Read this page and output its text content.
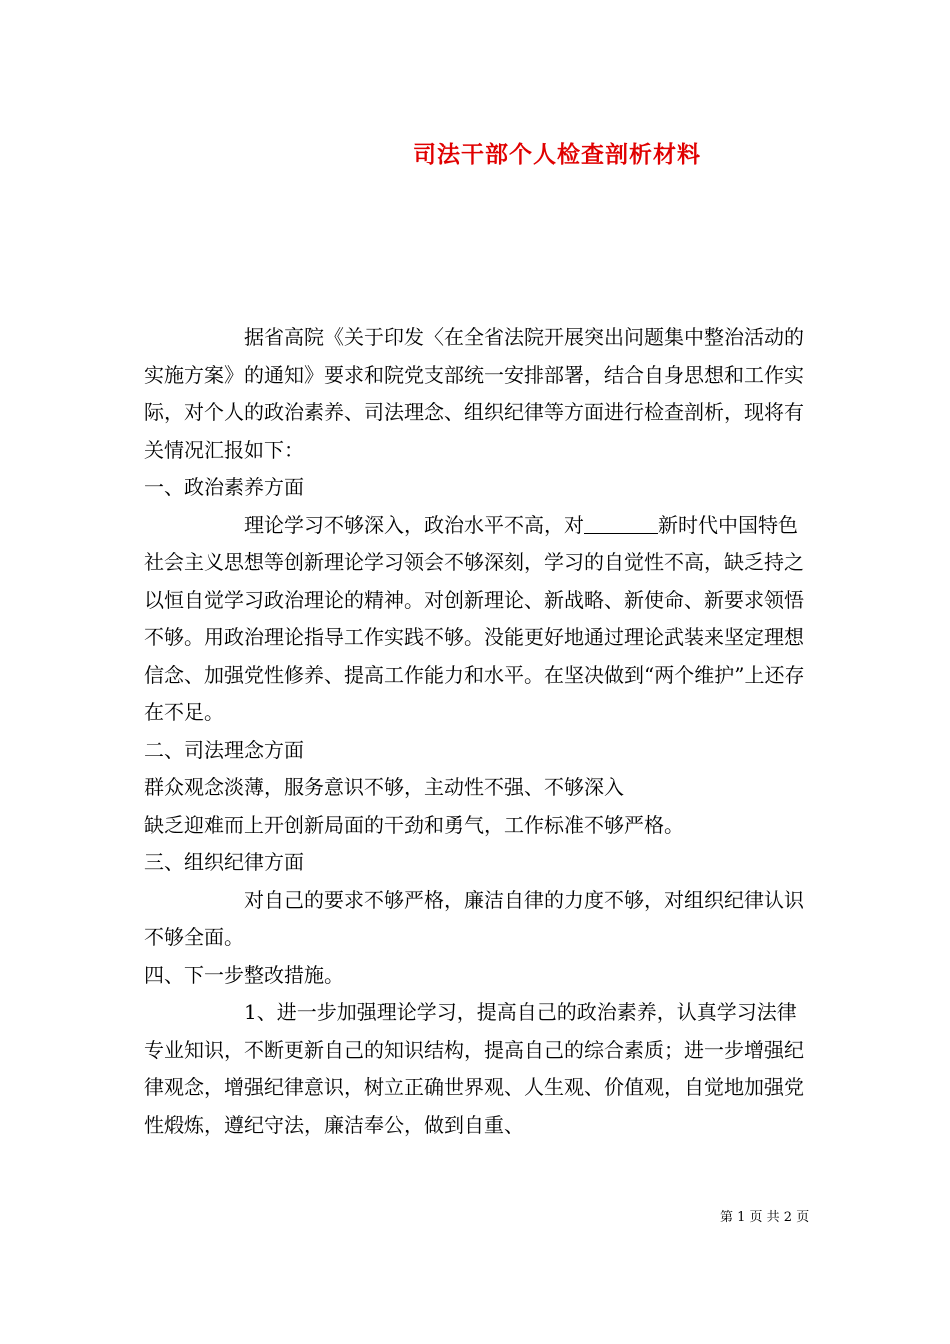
司法干部个人检查剖析材料

据省高院《关于印发〈在全省法院开展突出问题集中整治活动的实施方案》的通知》要求和院党支部统一安排部署，结合自身思想和工作实际，对个人的政治素养、司法理念、组织纪律等方面进行检查剖析，现将有关情况汇报如下：

一、政治素养方面

理论学习不够深入，政治水平不高，对	新时代中国特色社会主义思想等创新理论学习领会不够深刻，学习的自觉性不高，缺乏持之以恒自觉学习政治理论的精神。对创新理论、新战略、新使命、新要求领悟不够。用政治理论指导工作实践不够。没能更好地通过理论武装来坚定理想信念、加强党性修养、提高工作能力和水平。在坚决做到“两个维护”上还存在不足。

二、司法理念方面

群众观念淡薄，服务意识不够，主动性不强、不够深入

缺乏迎难而上开创新局面的干劲和勇气，工作标准不够严格。

三、组织纪律方面

对自己的要求不够严格，廉洁自律的力度不够，对组织纪律认识不够全面。

四、下一步整改措施。

1、进一步加强理论学习，提高自己的政治素养，认真学习法律专业知识，不断更新自己的知识结构，提高自己的综合素质；进一步增强纪律观念，增强纪律意识，树立正确世界观、人生观、价值观，自觉地加强党性煅炼，遵纪守法，廉洁奉公，做到自重、

第 1 页 共 2 页
